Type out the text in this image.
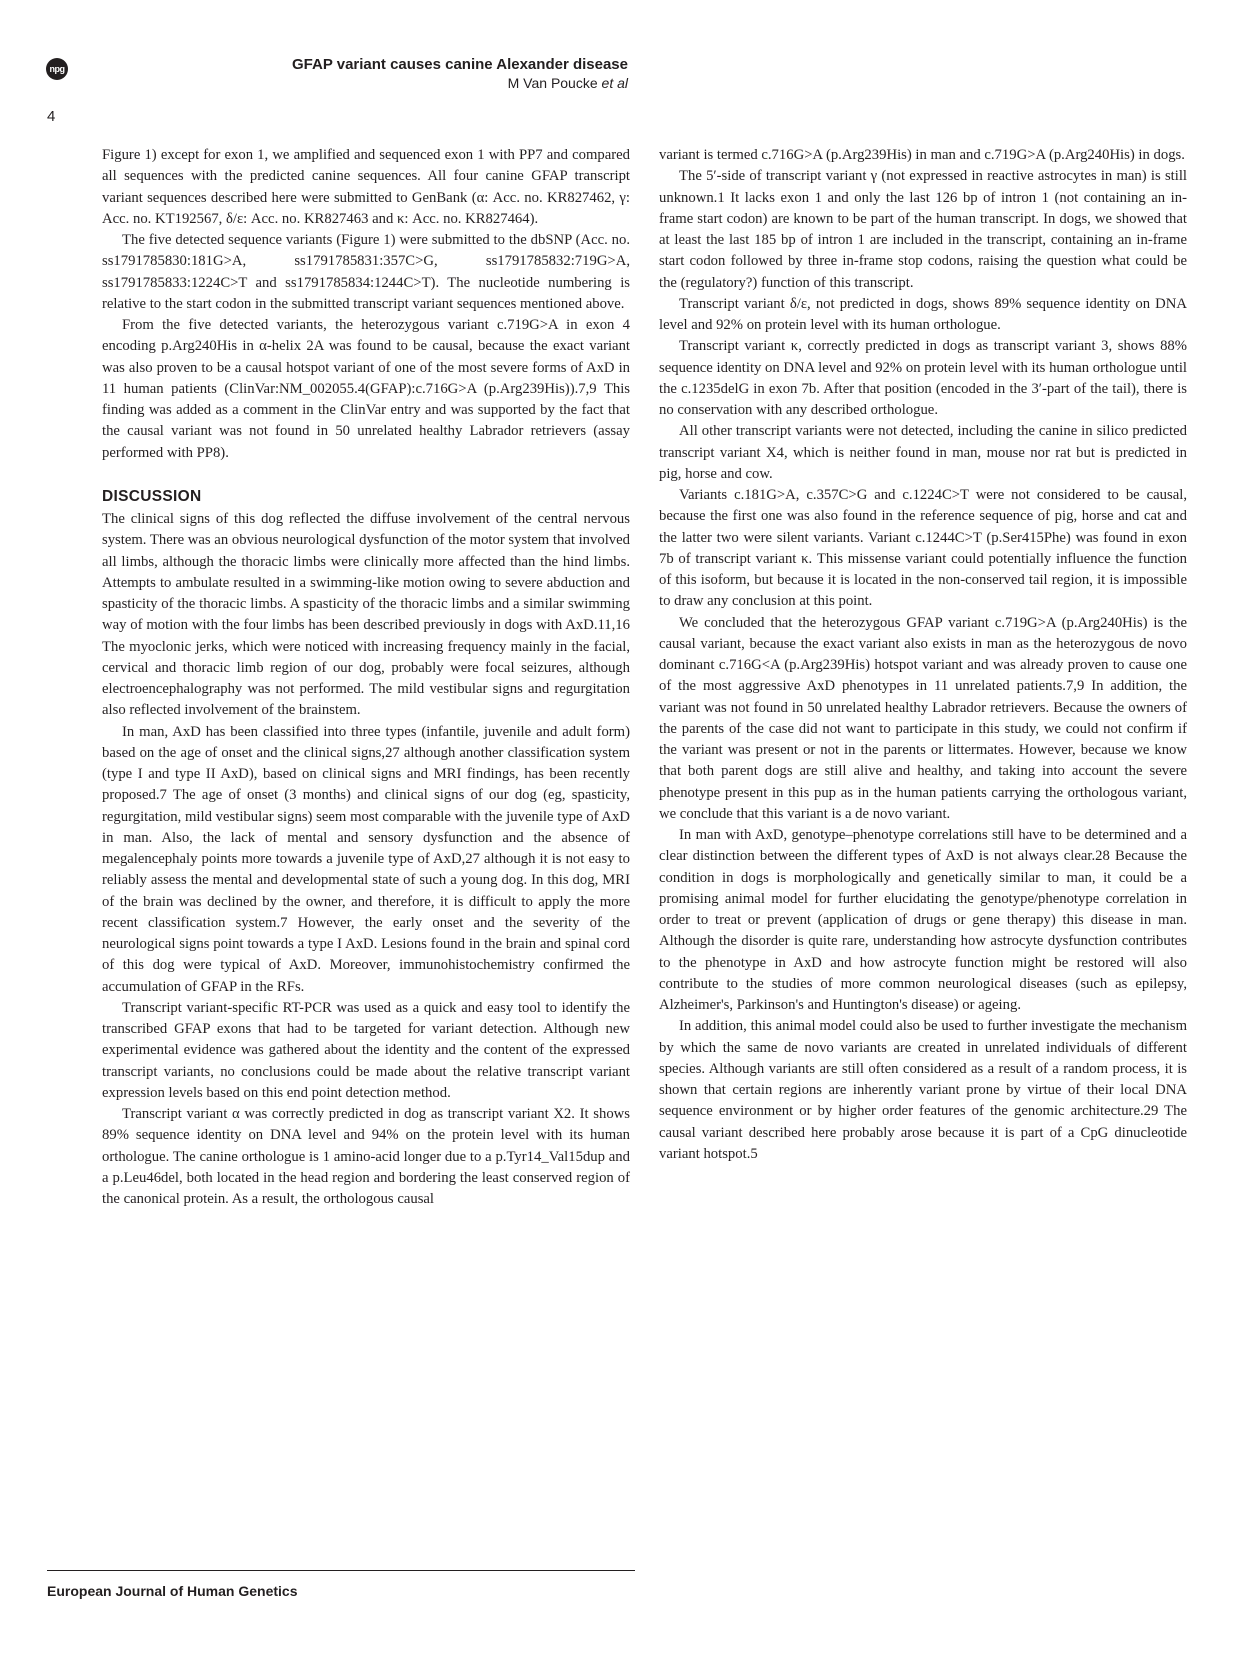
npg	GFAP variant causes canine Alexander disease
M Van Poucke et al
4

Figure 1) except for exon 1, we amplified and sequenced exon 1 with PP7 and compared all sequences with the predicted canine sequences. All four canine GFAP transcript variant sequences described here were submitted to GenBank (α: Acc. no. KR827462, γ: Acc. no. KT192567, δ/ε: Acc. no. KR827463 and κ: Acc. no. KR827464).

The five detected sequence variants (Figure 1) were submitted to the dbSNP (Acc. no. ss1791785830:181G>A, ss1791785831:357C>G, ss1791785832:719G>A, ss1791785833:1224C>T and ss1791785834:1244C>T). The nucleotide numbering is relative to the start codon in the submitted transcript variant sequences mentioned above.

From the five detected variants, the heterozygous variant c.719G>A in exon 4 encoding p.Arg240His in α-helix 2A was found to be causal, because the exact variant was also proven to be a causal hotspot variant of one of the most severe forms of AxD in 11 human patients (ClinVar:NM_002055.4(GFAP):c.716G>A (p.Arg239His)).7,9 This finding was added as a comment in the ClinVar entry and was supported by the fact that the causal variant was not found in 50 unrelated healthy Labrador retrievers (assay performed with PP8).

DISCUSSION

The clinical signs of this dog reflected the diffuse involvement of the central nervous system. There was an obvious neurological dysfunction of the motor system that involved all limbs, although the thoracic limbs were clinically more affected than the hind limbs. Attempts to ambulate resulted in a swimming-like motion owing to severe abduction and spasticity of the thoracic limbs. A spasticity of the thoracic limbs and a similar swimming way of motion with the four limbs has been described previously in dogs with AxD.11,16 The myoclonic jerks, which were noticed with increasing frequency mainly in the facial, cervical and thoracic limb region of our dog, probably were focal seizures, although electroencephalography was not performed. The mild vestibular signs and regurgitation also reflected involvement of the brainstem.

In man, AxD has been classified into three types (infantile, juvenile and adult form) based on the age of onset and the clinical signs,27 although another classification system (type I and type II AxD), based on clinical signs and MRI findings, has been recently proposed.7 The age of onset (3 months) and clinical signs of our dog (eg, spasticity, regurgitation, mild vestibular signs) seem most comparable with the juvenile type of AxD in man. Also, the lack of mental and sensory dysfunction and the absence of megalencephaly points more towards a juvenile type of AxD,27 although it is not easy to reliably assess the mental and developmental state of such a young dog. In this dog, MRI of the brain was declined by the owner, and therefore, it is difficult to apply the more recent classification system.7 However, the early onset and the severity of the neurological signs point towards a type I AxD. Lesions found in the brain and spinal cord of this dog were typical of AxD. Moreover, immunohistochemistry confirmed the accumulation of GFAP in the RFs.

Transcript variant-specific RT-PCR was used as a quick and easy tool to identify the transcribed GFAP exons that had to be targeted for variant detection. Although new experimental evidence was gathered about the identity and the content of the expressed transcript variants, no conclusions could be made about the relative transcript variant expression levels based on this end point detection method.

Transcript variant α was correctly predicted in dog as transcript variant X2. It shows 89% sequence identity on DNA level and 94% on the protein level with its human orthologue. The canine orthologue is 1 amino-acid longer due to a p.Tyr14_Val15dup and a p.Leu46del, both located in the head region and bordering the least conserved region of the canonical protein. As a result, the orthologous causal

variant is termed c.716G>A (p.Arg239His) in man and c.719G>A (p.Arg240His) in dogs.

The 5′-side of transcript variant γ (not expressed in reactive astrocytes in man) is still unknown.1 It lacks exon 1 and only the last 126 bp of intron 1 (not containing an in-frame start codon) are known to be part of the human transcript. In dogs, we showed that at least the last 185 bp of intron 1 are included in the transcript, containing an in-frame start codon followed by three in-frame stop codons, raising the question what could be the (regulatory?) function of this transcript.

Transcript variant δ/ε, not predicted in dogs, shows 89% sequence identity on DNA level and 92% on protein level with its human orthologue.

Transcript variant κ, correctly predicted in dogs as transcript variant 3, shows 88% sequence identity on DNA level and 92% on protein level with its human orthologue until the c.1235delG in exon 7b. After that position (encoded in the 3′-part of the tail), there is no conservation with any described orthologue.

All other transcript variants were not detected, including the canine in silico predicted transcript variant X4, which is neither found in man, mouse nor rat but is predicted in pig, horse and cow.

Variants c.181G>A, c.357C>G and c.1224C>T were not considered to be causal, because the first one was also found in the reference sequence of pig, horse and cat and the latter two were silent variants. Variant c.1244C>T (p.Ser415Phe) was found in exon 7b of transcript variant κ. This missense variant could potentially influence the function of this isoform, but because it is located in the non-conserved tail region, it is impossible to draw any conclusion at this point.

We concluded that the heterozygous GFAP variant c.719G>A (p.Arg240His) is the causal variant, because the exact variant also exists in man as the heterozygous de novo dominant c.716G<A (p.Arg239His) hotspot variant and was already proven to cause one of the most aggressive AxD phenotypes in 11 unrelated patients.7,9 In addition, the variant was not found in 50 unrelated healthy Labrador retrievers. Because the owners of the parents of the case did not want to participate in this study, we could not confirm if the variant was present or not in the parents or littermates. However, because we know that both parent dogs are still alive and healthy, and taking into account the severe phenotype present in this pup as in the human patients carrying the orthologous variant, we conclude that this variant is a de novo variant.

In man with AxD, genotype–phenotype correlations still have to be determined and a clear distinction between the different types of AxD is not always clear.28 Because the condition in dogs is morphologically and genetically similar to man, it could be a promising animal model for further elucidating the genotype/phenotype correlation in order to treat or prevent (application of drugs or gene therapy) this disease in man. Although the disorder is quite rare, understanding how astrocyte dysfunction contributes to the phenotype in AxD and how astrocyte function might be restored will also contribute to the studies of more common neurological diseases (such as epilepsy, Alzheimer's, Parkinson's and Huntington's disease) or ageing.

In addition, this animal model could also be used to further investigate the mechanism by which the same de novo variants are created in unrelated individuals of different species. Although variants are still often considered as a result of a random process, it is shown that certain regions are inherently variant prone by virtue of their local DNA sequence environment or by higher order features of the genomic architecture.29 The causal variant described here probably arose because it is part of a CpG dinucleotide variant hotspot.5

European Journal of Human Genetics
